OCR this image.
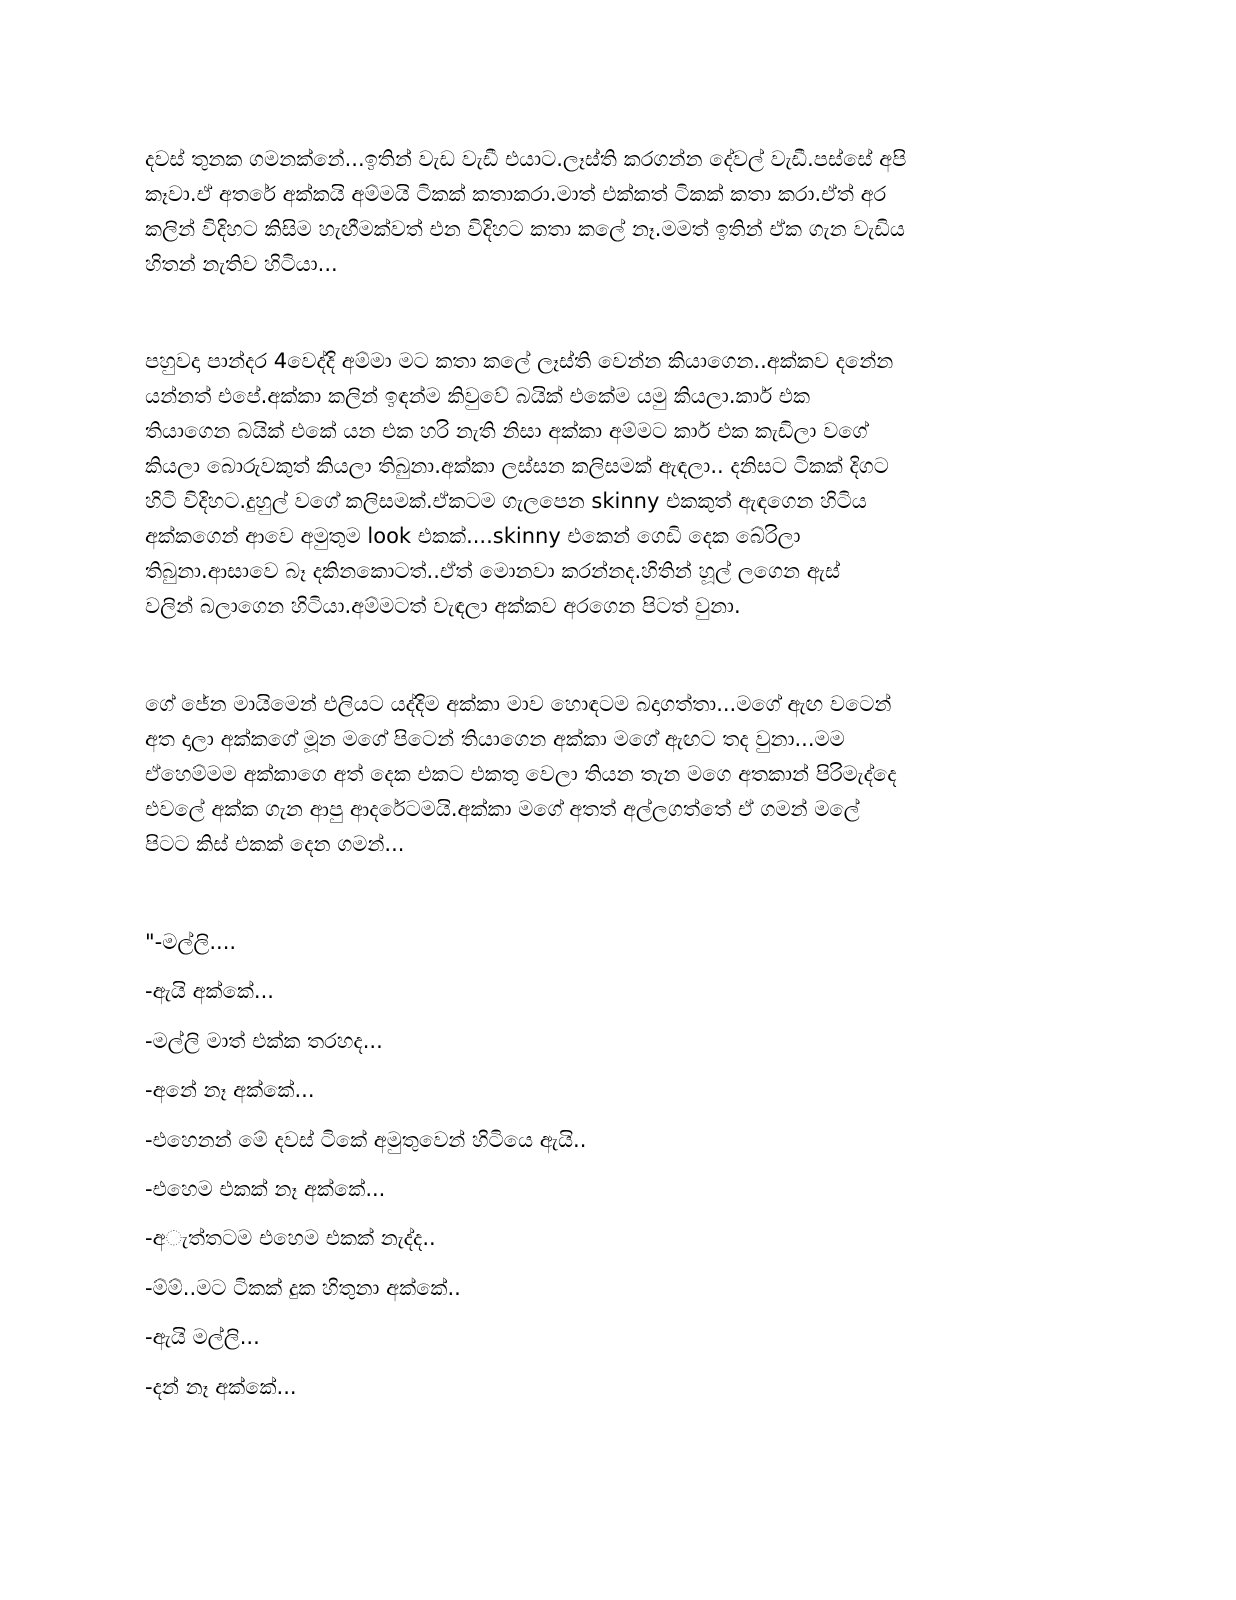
දවස් තුනක ගමනක්නේ...ඉතින් වැඩ වැඩී එයාට.ලෑස්ති කරගන්න දේවල් වැඩී.පස්සේ අපි
කෑවා.ඒ අතරේ අක්කයි අම්මයි ටිකක් කතාකරා.මාත් එක්කත් ටිකක් කතා කරා.ඒත් අර
කලින් විදිහට කිසිම හැඟීමක්වත් එන විදිහට කතා කලේ නෑ.මමත් ඉතින් ඒක ගැන වැඩිය
හිතන් නැතිව හිටියා...
පහුවදා පාන්දර 4වෙද්දි අම්මා මට කතා කලේ ලෑස්ති වෙන්න කියාගෙන..අක්කව දනේන
යන්නත් එපේ.අක්කා කලින් ඉඳන්ම කිවුවේ බයික් එකේම යමු කියලා.කාර් එක
තියාගෙන බයික් එකේ යන එක හරි නැති නිසා අක්කා අම්මට කාර් එක කැඩිලා වගේ
කියලා බොරුවකුත් කියලා තිබුනා.අක්කා ලස්සන කලිසමක් ඇඳලා.. දනිසට ටිකක් දිගට
හිටි විදිහට.දුහුල් වගේ කලිසමක්.ඒකටම ගැලපෙන skinny එකකුත් ඇඳගෙන හිටිය
අක්කගෙන් ආවෙ අමුතුම look එකක්....skinny එකෙන් ගෙඩි දෙක බේරිලා
තිබුනා.ආසාවෙ බෑ දකිනකොටත්..ඒත් මොනවා කරන්නද.හිතින් හූල් ලගෙන ඇස්
වලින් බලාගෙන හිටියා.අම්මටත් වැඳලා අක්කව අරගෙන පිටත් වුනා.
ගේ ජේන මායිමෙන් එලියට යද්දිම අක්කා මාව හොඳටම බදාගත්තා...මගේ ඇඟ වටෙන්
අත දාලා අක්කගේ මූන මගේ පිටෙන් තියාගෙන අක්කා මගේ ඇඟට තද වුනා...මම
ඒහෙම්මම අක්කාගෙ අත් දෙක එකට එකතු වෙලා තියන තැන මගෙ අතකාන් පිරිමැද්දෙ
එවලේ අක්ක ගැන ආපු ආදරේටමයි.අක්කා මගේ අතත් අල්ලගත්තේ ඒ ගමන් මලේ
පිටට කිස් එකක් දෙන ගමන්...
"-මල්ලි....
-ඇයි අක්කේ...
-මල්ලි මාත් එක්ක තරහද...
-අනේ නෑ අක්කේ...
-එහෙනන් මේ දවස් ටිකේ අමුතුවෙන් හිටියෙ ඇයි..
-එහෙම එකක් නෑ අක්කේ...
-අ◌ැත්තටම එහෙම එකක් නැද්ද..
-ම්ම්..මට ටිකක් දුක හිතුනා අක්කේ..
-ඇයි මල්ලි...
-දන් නෑ අක්කේ...
